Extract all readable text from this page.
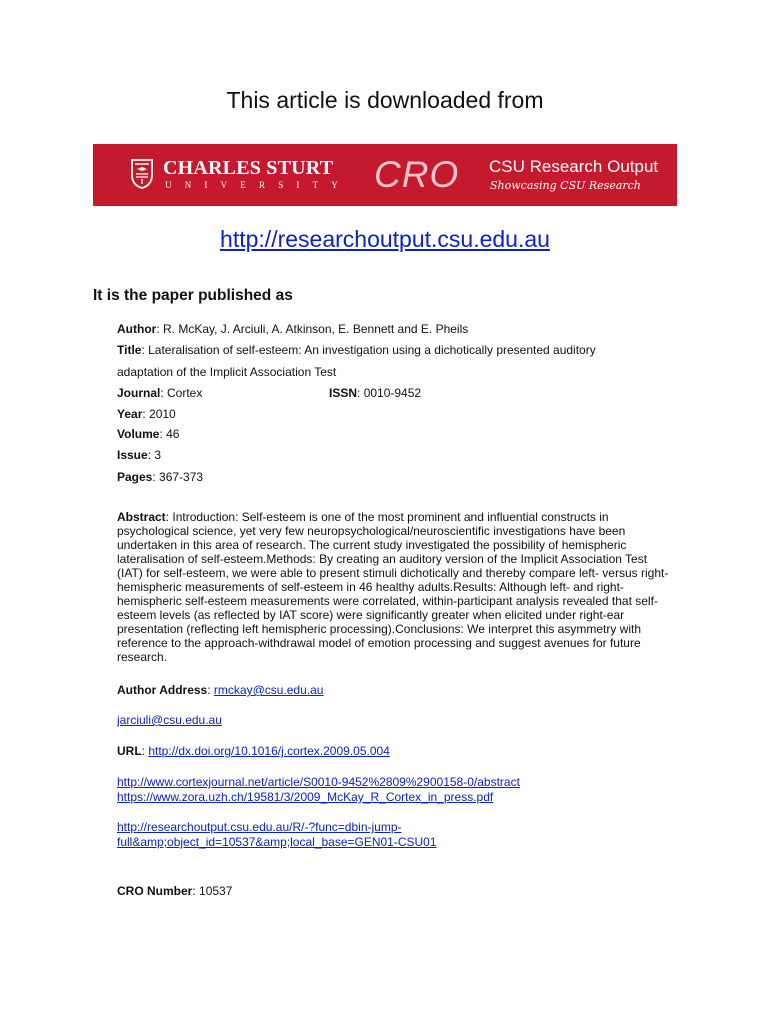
This article is downloaded from
CHARLES STURT
UNIVERSITY CRO CSU Research Output
Showcasing CSU Research
http://researchoutput.csu.edu.au
It is the paper published as
Author: R. McKay, J. Arciuli, A. Atkinson, E. Bennett and E. Pheils
Title: Lateralisation of self-esteem: An investigation using a dichotically presented auditory
adaptation of the Implicit Association Test
Journal: Cortex	ISSN: 0010-9452
Year: 2010
Volume: 46
Issue: 3
Pages: 367-373
Abstract: Introduction: Self-esteem is one of the most prominent and influential constructs in psychological science, yet very few neuropsychological/neuroscientific investigations have been undertaken in this area of research. The current study investigated the possibility of hemispheric lateralisation of self-esteem.Methods: By creating an auditory version of the Implicit Association Test (IAT) for self-esteem, we were able to present stimuli dichotically and thereby compare left- versus right-hemispheric measurements of self-esteem in 46 healthy adults.Results: Although left- and right-hemispheric self-esteem measurements were correlated, within-participant analysis revealed that self-esteem levels (as reflected by IAT score) were significantly greater when elicited under right-ear presentation (reflecting left hemispheric processing).Conclusions: We interpret this asymmetry with reference to the approach-withdrawal model of emotion processing and suggest avenues for future research.
Author Address: rmckay@csu.edu.au
jarciuli@csu.edu.au
URL: http://dx.doi.org/10.1016/j.cortex.2009.05.004
http://www.cortexjournal.net/article/S0010-9452%2809%2900158-0/abstract
https://www.zora.uzh.ch/19581/3/2009_McKay_R_Cortex_in_press.pdf
http://researchoutput.csu.edu.au/R/-?func=dbin-jump-
full&amp;object_id=10537&amp;local_base=GEN01-CSU01
CRO Number: 10537
